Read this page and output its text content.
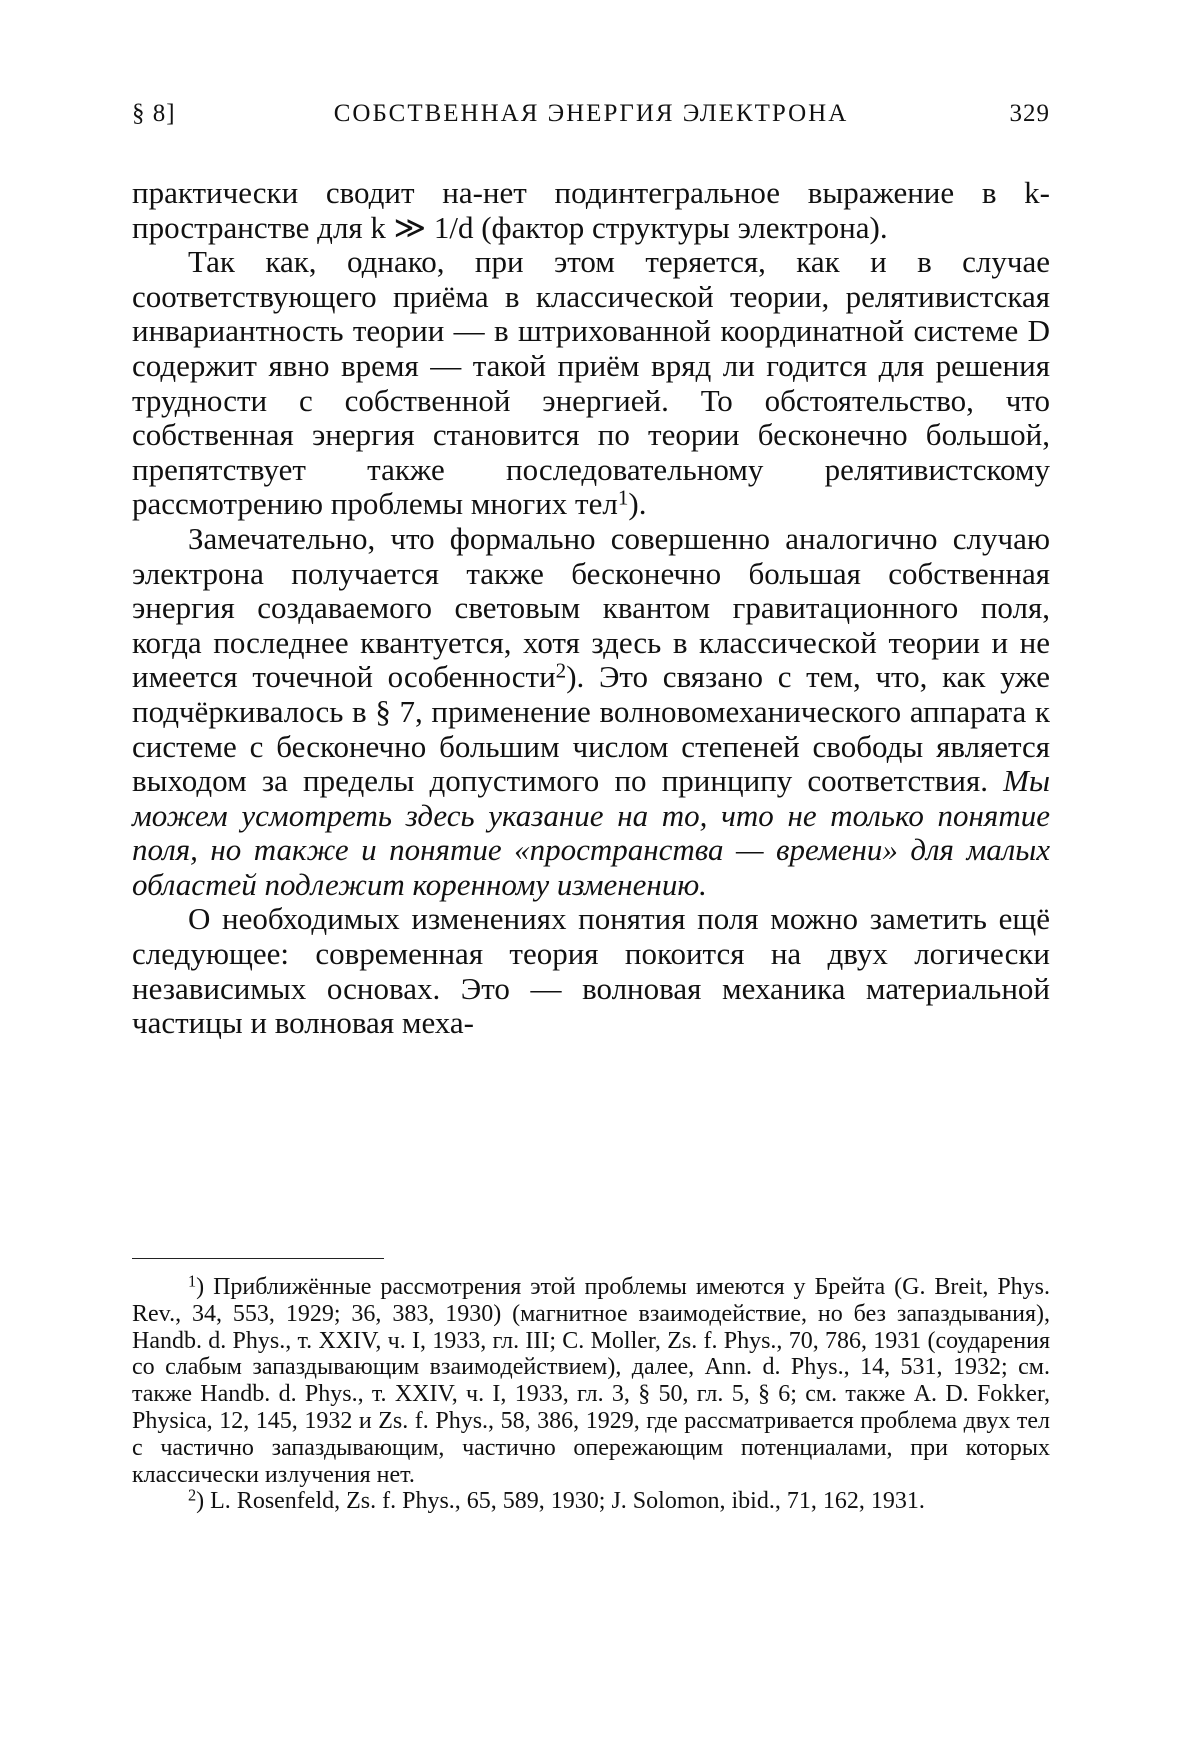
§ 8]	СОБСТВЕННАЯ ЭНЕРГИЯ ЭЛЕКТРОНА	329

практически сводит на-нет подинтегральное выражение в k-пространстве для k ≫ 1/d (фактор структуры электрона).

Так как, однако, при этом теряется, как и в случае соответствующего приёма в классической теории, релятивистская инвариантность теории — в штрихованной координатной системе D содержит явно время — такой приём вряд ли годится для решения трудности с собственной энергией. То обстоятельство, что собственная энергия становится по теории бесконечно большой, препятствует также последовательному релятивистскому рассмотрению проблемы многих тел$^1$).

Замечательно, что формально совершенно аналогично случаю электрона получается также бесконечно большая собственная энергия создаваемого световым квантом гравитационного поля, когда последнее квантуется, хотя здесь в классической теории и не имеется точечной особенности$^2$). Это связано с тем, что, как уже подчёркивалось в § 7, применение волновомеханического аппарата к системе с бесконечно большим числом степеней свободы является выходом за пределы допустимого по принципу соответствия. Мы можем усмотреть здесь указание на то, что не только понятие поля, но также и понятие «пространства — времени» для малых областей подлежит коренному изменению.

О необходимых изменениях понятия поля можно заметить ещё следующее: современная теория покоится на двух логически независимых основах. Это — волновая механика материальной частицы и волновая меха-

$^1$) Приближённые рассмотрения этой проблемы имеются у Брейта (G. Breit, Phys. Rev., 34, 553, 1929; 36, 383, 1930) (магнитное взаимодействие, но без запаздывания), Handb. d. Phys., т. XXIV, ч. I, 1933, гл. III; C. Moller, Zs. f. Phys., 70, 786, 1931 (соударения со слабым запаздывающим взаимодействием), далее, Ann. d. Phys., 14, 531, 1932; см. также Handb. d. Phys., т. XXIV, ч. I, 1933, гл. 3, § 50, гл. 5, § 6; см. также A. D. Fokker, Physica, 12, 145, 1932 и Zs. f. Phys., 58, 386, 1929, где рассматривается проблема двух тел с частично запаздывающим, частично опережающим потенциалами, при которых классически излучения нет.

$^2$) L. Rosenfeld, Zs. f. Phys., 65, 589, 1930; J. Solomon, ibid., 71, 162, 1931.
